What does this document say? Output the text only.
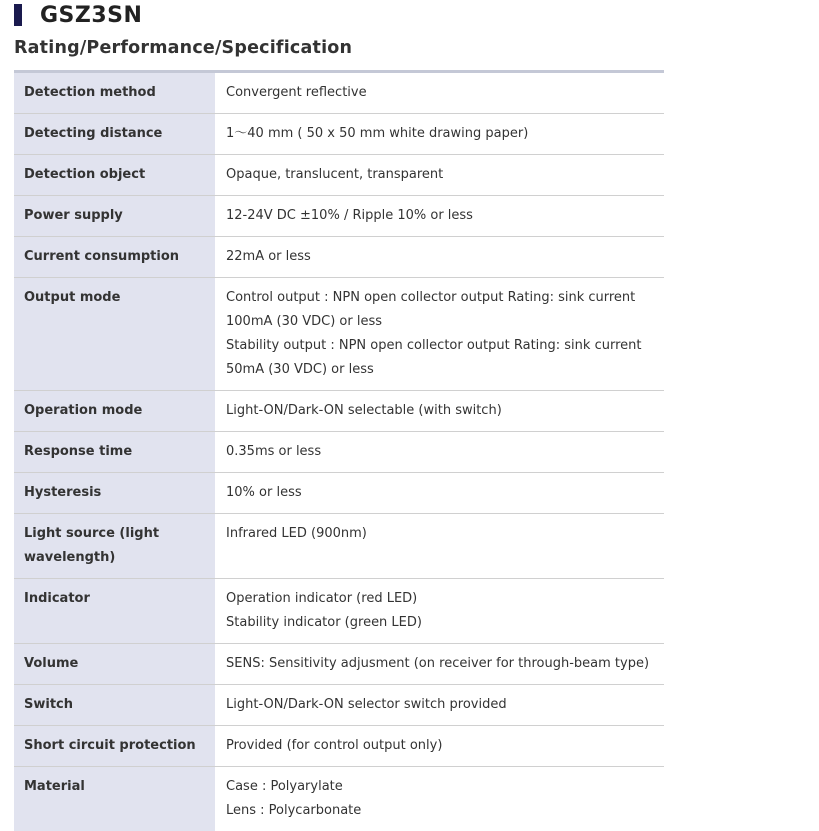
GSZ3SN
Rating/Performance/Specification
Detection method	Convergent reflective

Detecting distance	1～40 mm ( 50 x 50 mm white drawing paper)

Detection object	Opaque, translucent, transparent

Power supply	12-24V DC ±10% / Ripple 10% or less

Current consumption	22mA or less

Output mode	Control output : NPN open collector output Rating: sink current 100mA (30 VDC) or less
Stability output : NPN open collector output Rating: sink current 50mA (30 VDC) or less

Operation mode	Light-ON/Dark-ON selectable (with switch)

Response time	0.35ms or less

Hysteresis	10% or less

Light source (light wavelength)	Infrared LED (900nm)

Indicator	Operation indicator (red LED)
Stability indicator (green LED)

Volume	SENS: Sensitivity adjusment (on receiver for through-beam type)

Switch	Light-ON/Dark-ON selector switch provided

Short circuit protection	Provided (for control output only)

Material	Case : Polyarylate
Lens : Polycarbonate
